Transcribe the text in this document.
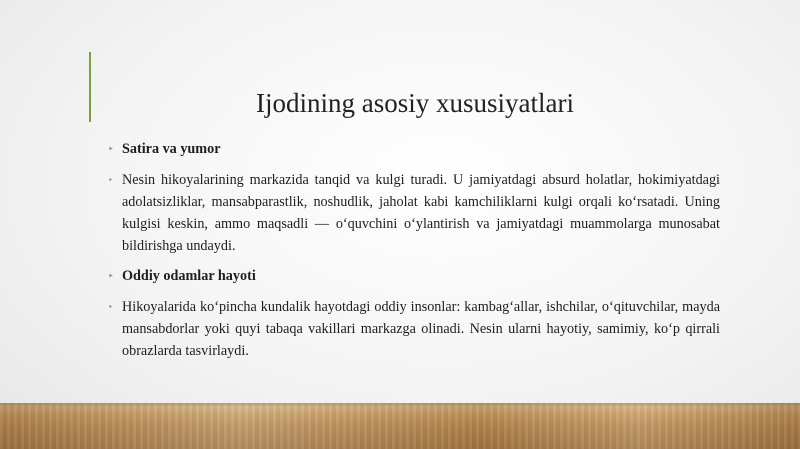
Ijodining asosiy xususiyatlari
‣ Satira va yumor
‣ Nesin hikoyalarining markazida tanqid va kulgi turadi. U jamiyatdagi absurd holatlar, hokimiyatdagi adolatsizliklar, mansabparastlik, noshudlik, jaholat kabi kamchiliklarni kulgi orqali koʻrsatadi. Uning kulgisi keskin, ammo maqsadli — oʻquvchini oʻylantirish va jamiyatdagi muammolarga munosabat bildirishga undaydi.
‣ Oddiy odamlar hayoti
‣ Hikoyalarida koʻpincha kundalik hayotdagi oddiy insonlar: kambagʻallar, ishchilar, oʻqituvchilar, mayda mansabdorlar yoki quyi tabaqa vakillari markazga olinadi. Nesin ularni hayotiy, samimiy, koʻp qirrali obrazlarda tasvirlaydi.
